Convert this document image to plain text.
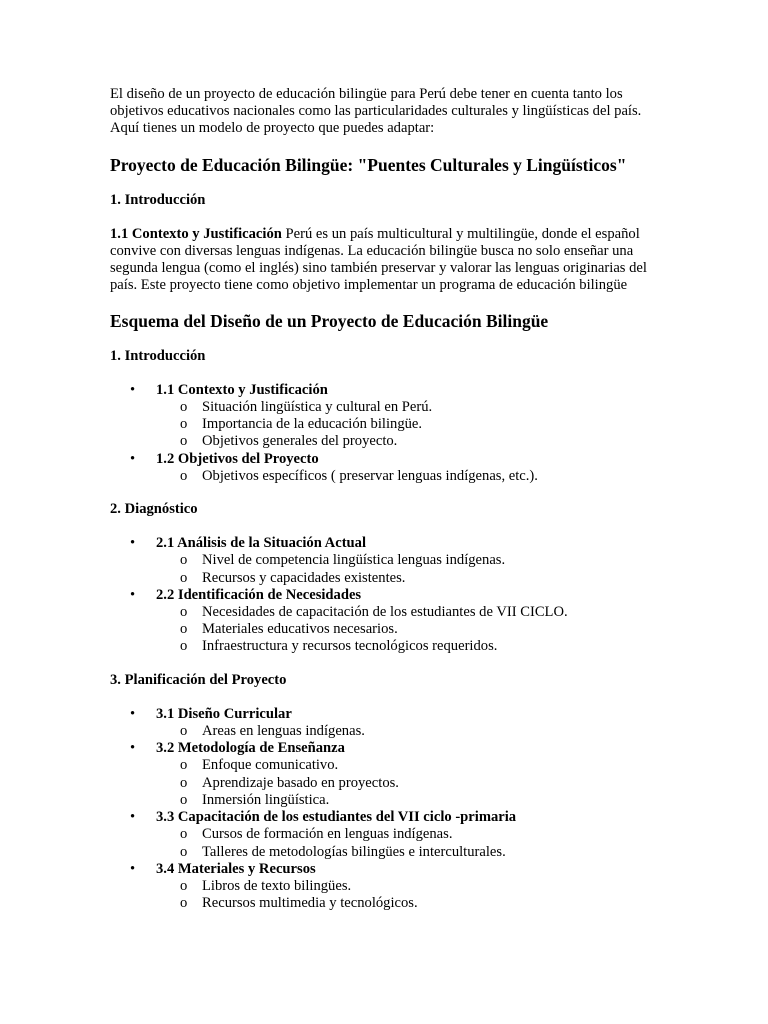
El diseño de un proyecto de educación bilingüe para Perú debe tener en cuenta tanto los objetivos educativos nacionales como las particularidades culturales y lingüísticas del país. Aquí tienes un modelo de proyecto que puedes adaptar:

Proyecto de Educación Bilingüe: "Puentes Culturales y Lingüísticos"
1. Introducción

1.1 Contexto y Justificación Perú es un país multicultural y multilingüe, donde el español convive con diversas lenguas indígenas. La educación bilingüe busca no solo enseñar una segunda lengua (como el inglés) sino también preservar y valorar las lenguas originarias del país. Este proyecto tiene como objetivo implementar un programa de educación bilingüe

Esquema del Diseño de un Proyecto de Educación Bilingüe
1. Introducción
• 1.1 Contexto y Justificación
o Situación lingüística y cultural en Perú.
o Importancia de la educación bilingüe.
o Objetivos generales del proyecto.
• 1.2 Objetivos del Proyecto
o Objetivos específicos ( preservar lenguas indígenas, etc.).
2. Diagnóstico
• 2.1 Análisis de la Situación Actual
o Nivel de competencia lingüística lenguas indígenas.
o Recursos y capacidades existentes.
• 2.2 Identificación de Necesidades
o Necesidades de capacitación de los estudiantes de VII CICLO.
o Materiales educativos necesarios.
o Infraestructura y recursos tecnológicos requeridos.
3. Planificación del Proyecto
• 3.1 Diseño Curricular
o Areas en lenguas indígenas.
• 3.2 Metodología de Enseñanza
o Enfoque comunicativo.
o Aprendizaje basado en proyectos.
o Inmersión lingüística.
• 3.3 Capacitación de los estudiantes del VII ciclo -primaria
o Cursos de formación en lenguas indígenas.
o Talleres de metodologías bilingües e interculturales.
• 3.4 Materiales y Recursos
o Libros de texto bilingües.
o Recursos multimedia y tecnológicos.
